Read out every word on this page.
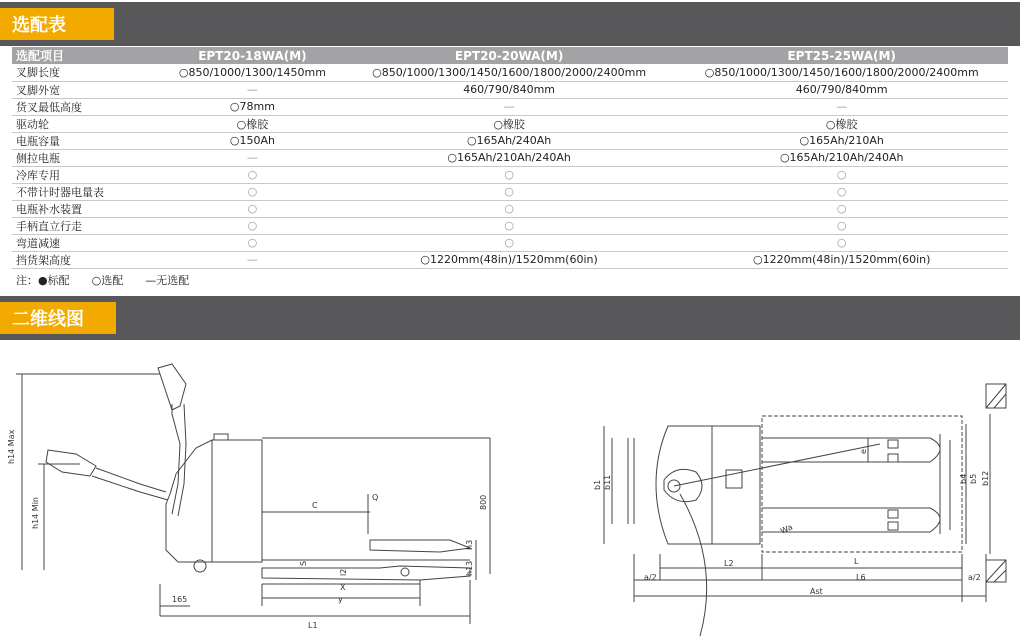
选配表
选配项目	EPT20-18WA(M)	EPT20-20WA(M)	EPT25-25WA(M)
叉脚长度	○850/1000/1300/1450mm	○850/1000/1300/1450/1600/1800/2000/2400mm	○850/1000/1300/1450/1600/1800/2000/2400mm
叉脚外宽	—	460/790/840mm	460/790/840mm
货叉最低高度	○78mm	—	—
驱动轮	○橡胶	○橡胶	○橡胶
电瓶容量	○150Ah	○165Ah/240Ah	○165Ah/210Ah
侧拉电瓶	—	○165Ah/210Ah/240Ah	○165Ah/210Ah/240Ah
冷库专用	○	○	○
不带计时器电量表	○	○	○
电瓶补水装置	○	○	○
手柄直立行走	○	○	○
弯道减速	○	○	○
挡货架高度	—	○1220mm(48in)/1520mm(60in)	○1220mm(48in)/1520mm(60in)
注：●标配 ○选配 —无选配
二维线图
h14 Max
h14 Min	C
Q	800
h3
h13
S
l2
X
y
165
L1
b1 b11
e
b4 b5 b12
Wa
L2	L
a/2	L6	a/2
Ast
